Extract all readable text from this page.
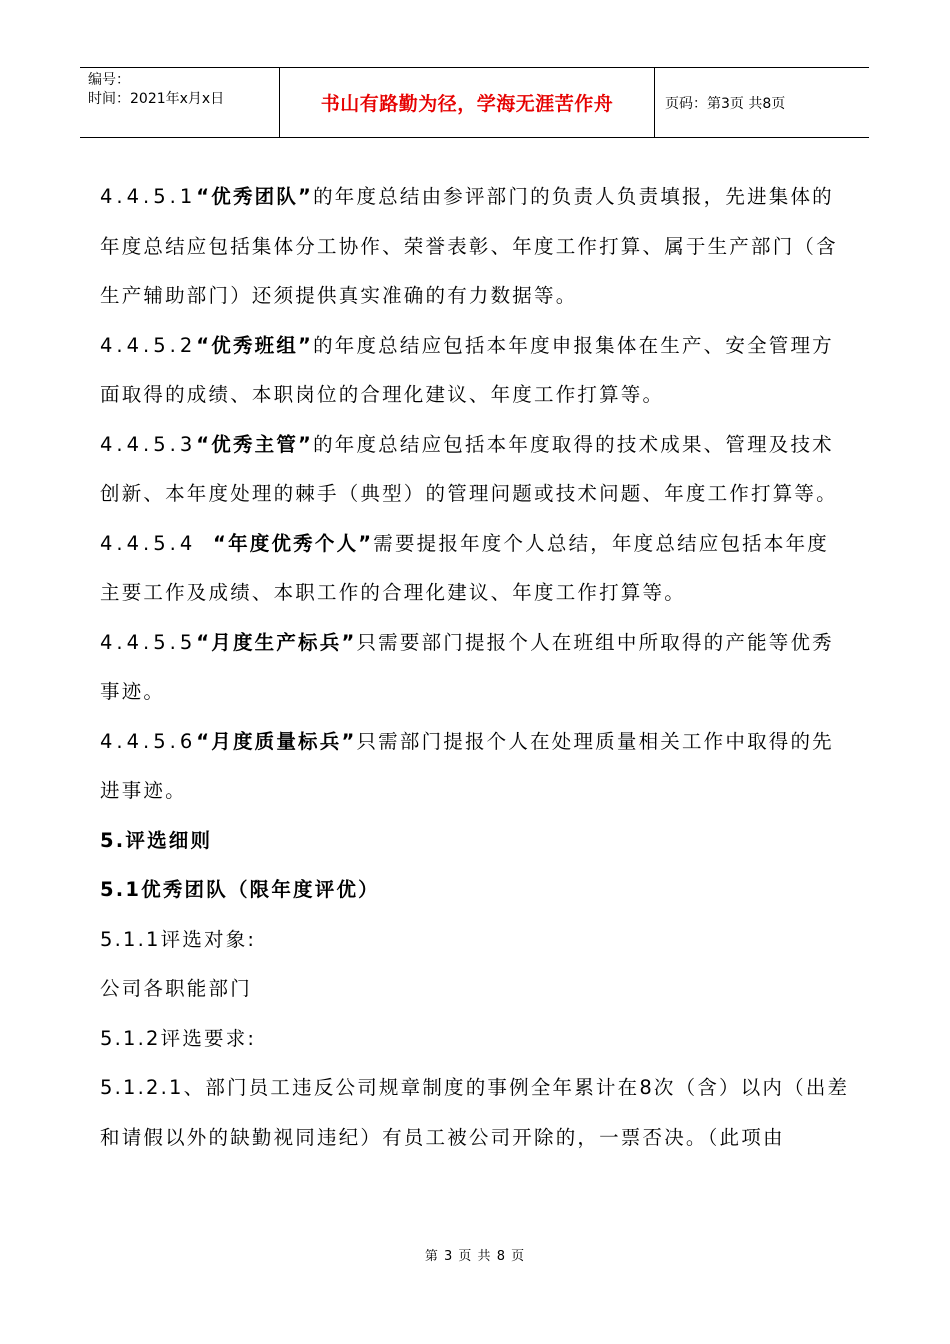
编号：
时间：2021年x月x日	书山有路勤为径，学海无涯苦作舟	页码：第3页 共8页

4.4.5.1“优秀团队”的年度总结由参评部门的负责人负责填报，先进集体的年度总结应包括集体分工协作、荣誉表彰、年度工作打算、属于生产部门（含生产辅助部门）还须提供真实准确的有力数据等。

4.4.5.2“优秀班组”的年度总结应包括本年度申报集体在生产、安全管理方面取得的成绩、本职岗位的合理化建议、年度工作打算等。

4.4.5.3“优秀主管”的年度总结应包括本年度取得的技术成果、管理及技术创新、本年度处理的棘手（典型）的管理问题或技术问题、年度工作打算等。

4.4.5.4 “年度优秀个人”需要提报年度个人总结，年度总结应包括本年度主要工作及成绩、本职工作的合理化建议、年度工作打算等。

4.4.5.5“月度生产标兵”只需要部门提报个人在班组中所取得的产能等优秀事迹。

4.4.5.6“月度质量标兵”只需部门提报个人在处理质量相关工作中取得的先进事迹。

5.评选细则

5.1优秀团队（限年度评优）

5.1.1评选对象:

公司各职能部门

5.1.2评选要求:

5.1.2.1、部门员工违反公司规章制度的事例全年累计在8次（含）以内（出差和请假以外的缺勤视同违纪）有员工被公司开除的，一票否决。（此项由

第 3 页 共 8 页
